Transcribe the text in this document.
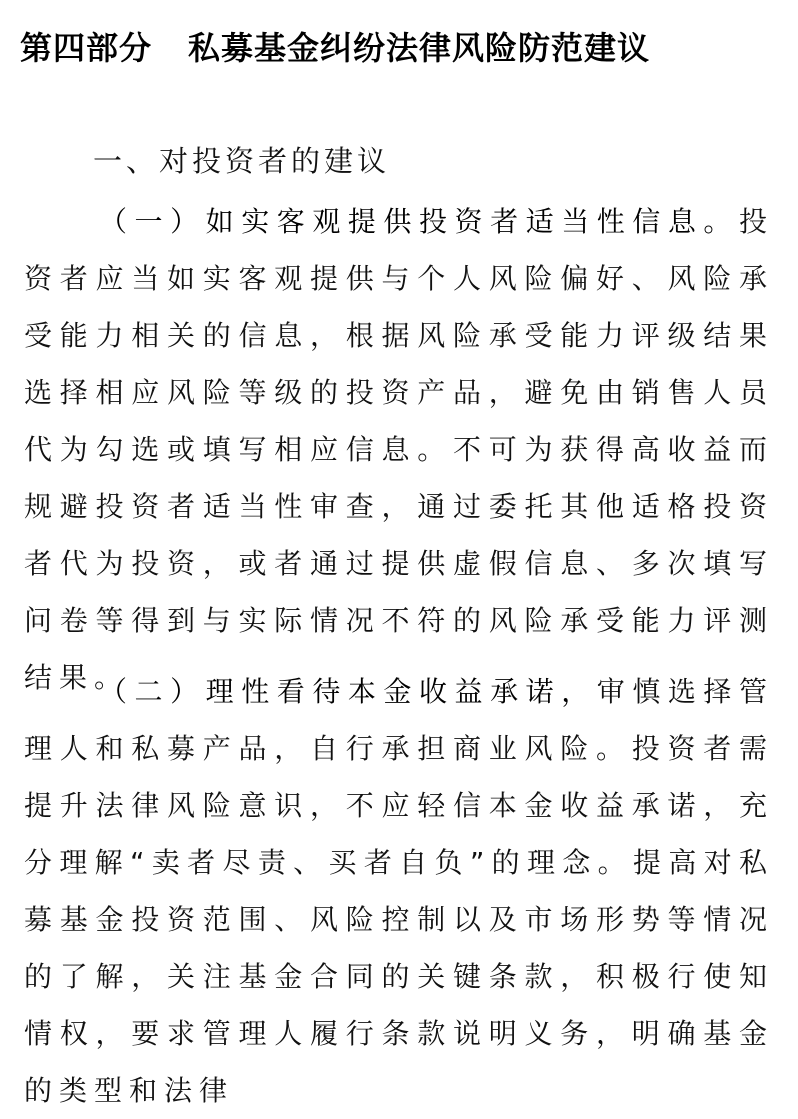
第四部分 私募基金纠纷法律风险防范建议
一、对投资者的建议

（一）如实客观提供投资者适当性信息。投资者应当如实客观提供与个人风险偏好、风险承受能力相关的信息，根据风险承受能力评级结果选择相应风险等级的投资产品，避免由销售人员代为勾选或填写相应信息。不可为获得高收益而规避投资者适当性审查，通过委托其他适格投资者代为投资，或者通过提供虚假信息、多次填写问卷等得到与实际情况不符的风险承受能力评测结果。

（二）理性看待本金收益承诺，审慎选择管理人和私募产品，自行承担商业风险。投资者需提升法律风险意识，不应轻信本金收益承诺，充分理解“卖者尽责、买者自负”的理念。提高对私募基金投资范围、风险控制以及市场形势等情况的了解，关注基金合同的关键条款，积极行使知情权，要求管理人履行条款说明义务，明确基金的类型和法律
